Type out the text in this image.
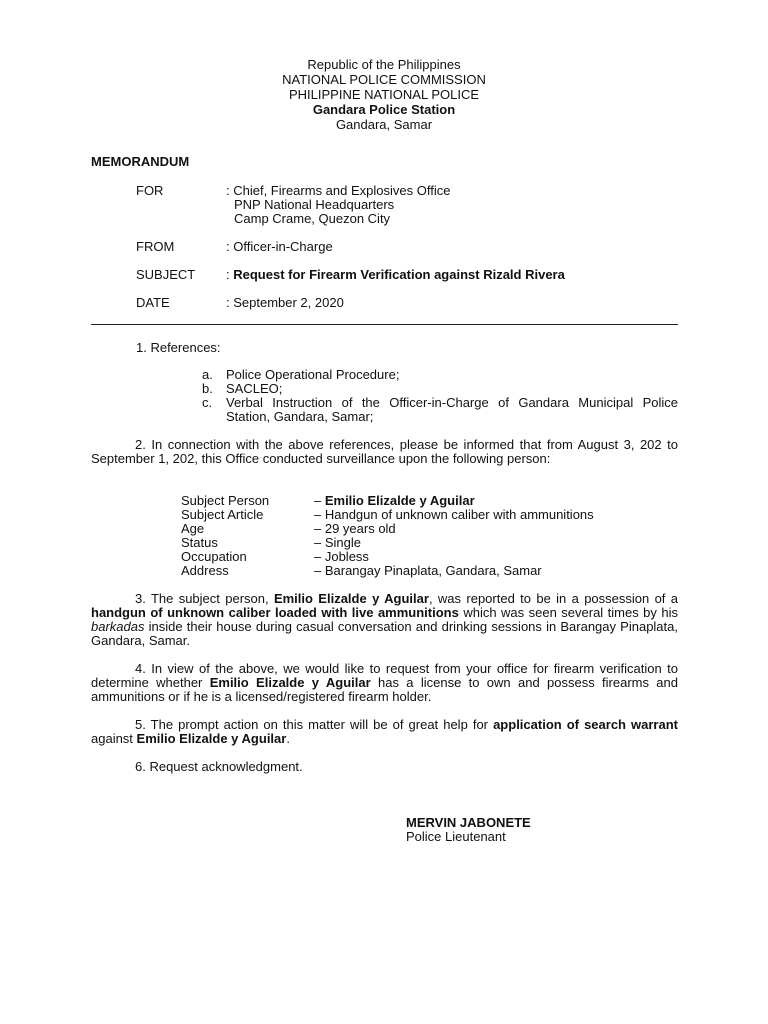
Republic of the Philippines
NATIONAL POLICE COMMISSION
PHILIPPINE NATIONAL POLICE
Gandara Police Station
Gandara, Samar
MEMORANDUM
FOR	: Chief, Firearms and Explosives Office
PNP National Headquarters
Camp Crame, Quezon City
FROM	: Officer-in-Charge
SUBJECT : Request for Firearm Verification against Rizald Rivera
DATE	: September 2, 2020
1. References:
a. Police Operational Procedure;
b. SACLEO;
c. Verbal Instruction of the Officer-in-Charge of Gandara Municipal Police Station, Gandara, Samar;
2. In connection with the above references, please be informed that from August 3, 202 to September 1, 202, this Office conducted surveillance upon the following person:
Subject Person	– Emilio Elizalde y Aguilar
Subject Article	– Handgun of unknown caliber with ammunitions
Age	– 29 years old
Status	– Single
Occupation	– Jobless
Address	– Barangay Pinaplata, Gandara, Samar
3. The subject person, Emilio Elizalde y Aguilar, was reported to be in a possession of a handgun of unknown caliber loaded with live ammunitions which was seen several times by his barkadas inside their house during casual conversation and drinking sessions in Barangay Pinaplata, Gandara, Samar.
4. In view of the above, we would like to request from your office for firearm verification to determine whether Emilio Elizalde y Aguilar has a license to own and possess firearms and ammunitions or if he is a licensed/registered firearm holder.
5. The prompt action on this matter will be of great help for application of search warrant against Emilio Elizalde y Aguilar.
6. Request acknowledgment.
MERVIN JABONETE
Police Lieutenant
